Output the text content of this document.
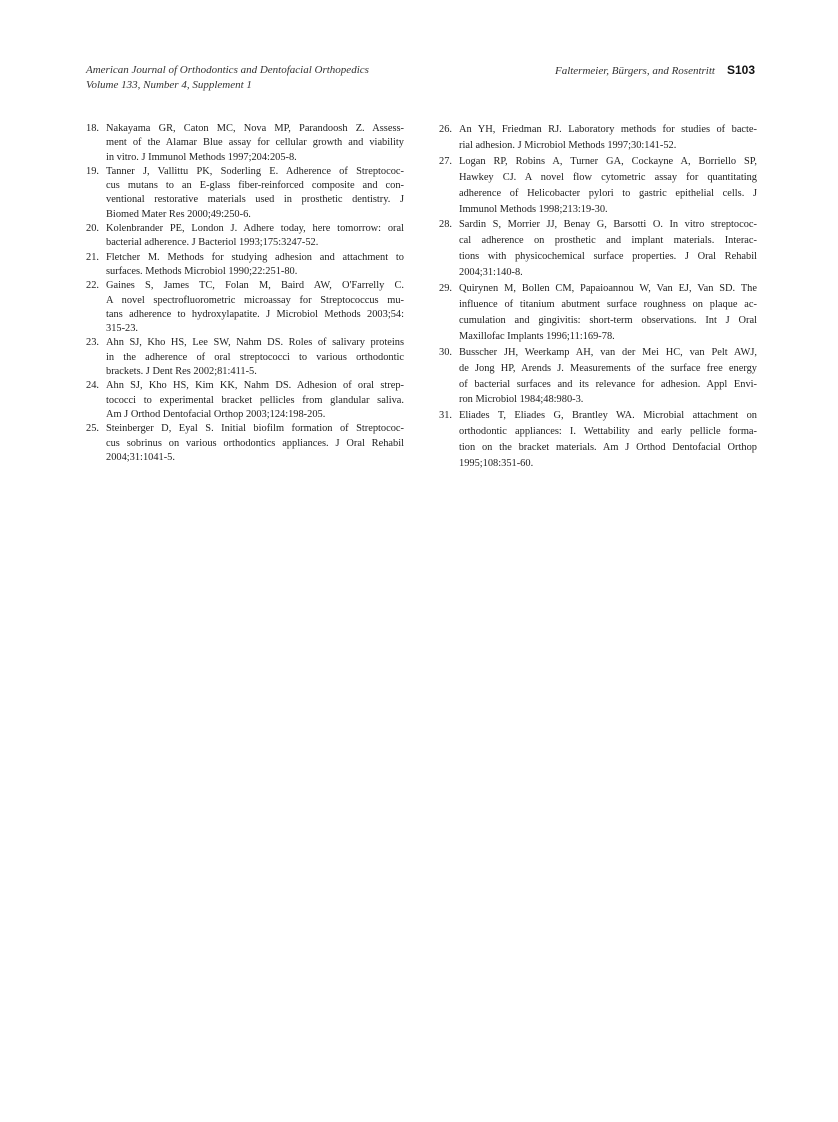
American Journal of Orthodontics and Dentofacial Orthopedics
Volume 133, Number 4, Supplement 1
Faltermeier, Bürgers, and Rosentritt S103
18. Nakayama GR, Caton MC, Nova MP, Parandoosh Z. Assess-
ment of the Alamar Blue assay for cellular growth and viability
in vitro. J Immunol Methods 1997;204:205-8.
19. Tanner J, Vallittu PK, Soderling E. Adherence of Streptococ-
cus mutans to an E-glass fiber-reinforced composite and con-
ventional restorative materials used in prosthetic dentistry. J
Biomed Mater Res 2000;49:250-6.
20. Kolenbrander PE, London J. Adhere today, here tomorrow: oral
bacterial adherence. J Bacteriol 1993;175:3247-52.
21. Fletcher M. Methods for studying adhesion and attachment to
surfaces. Methods Microbiol 1990;22:251-80.
22. Gaines S, James TC, Folan M, Baird AW, O'Farrelly C.
A novel spectrofluorometric microassay for Streptococcus mu-
tans adherence to hydroxylapatite. J Microbiol Methods 2003;54:
315-23.
23. Ahn SJ, Kho HS, Lee SW, Nahm DS. Roles of salivary proteins
in the adherence of oral streptococci to various orthodontic
brackets. J Dent Res 2002;81:411-5.
24. Ahn SJ, Kho HS, Kim KK, Nahm DS. Adhesion of oral strep-
tococci to experimental bracket pellicles from glandular saliva.
Am J Orthod Dentofacial Orthop 2003;124:198-205.
25. Steinberger D, Eyal S. Initial biofilm formation of Streptococ-
cus sobrinus on various orthodontics appliances. J Oral Rehabil
2004;31:1041-5.
26. An YH, Friedman RJ. Laboratory methods for studies of bacte-
rial adhesion. J Microbiol Methods 1997;30:141-52.
27. Logan RP, Robins A, Turner GA, Cockayne A, Borriello SP,
Hawkey CJ. A novel flow cytometric assay for quantitating
adherence of Helicobacter pylori to gastric epithelial cells. J
Immunol Methods 1998;213:19-30.
28. Sardin S, Morrier JJ, Benay G, Barsotti O. In vitro streptococ-
cal adherence on prosthetic and implant materials. Interac-
tions with physicochemical surface properties. J Oral Rehabil
2004;31:140-8.
29. Quirynen M, Bollen CM, Papaioannou W, Van EJ, Van SD. The
influence of titanium abutment surface roughness on plaque ac-
cumulation and gingivitis: short-term observations. Int J Oral
Maxillofac Implants 1996;11:169-78.
30. Busscher JH, Weerkamp AH, van der Mei HC, van Pelt AWJ,
de Jong HP, Arends J. Measurements of the surface free energy
of bacterial surfaces and its relevance for adhesion. Appl Envi-
ron Microbiol 1984;48:980-3.
31. Eliades T, Eliades G, Brantley WA. Microbial attachment on
orthodontic appliances: I. Wettability and early pellicle forma-
tion on the bracket materials. Am J Orthod Dentofacial Orthop
1995;108:351-60.
